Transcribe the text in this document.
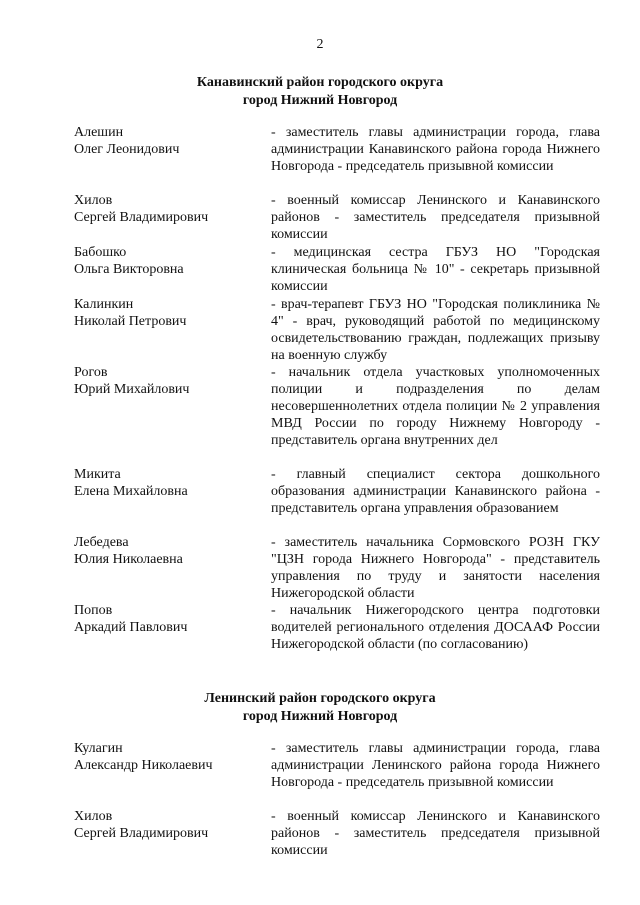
2
Канавинский район городского округа
город Нижний Новгород
Алешин
Олег Леонидович
- заместитель главы администрации города, глава администрации Канавинского района города Нижнего Новгорода - председатель призывной комиссии
Хилов
Сергей Владимирович
- военный комиссар Ленинского и Канавинского районов - заместитель председателя призывной комиссии
Бабошко
Ольга Викторовна
- медицинская сестра ГБУЗ НО "Городская клиническая больница № 10" - секретарь призывной комиссии
Калинкин
Николай Петрович
- врач-терапевт ГБУЗ НО "Городская поликлиника № 4" - врач, руководящий работой по медицинскому освидетельствованию граждан, подлежащих призыву на военную службу
Рогов
Юрий Михайлович
- начальник отдела участковых уполномоченных полиции и подразделения по делам несовершеннолетних отдела полиции № 2 управления МВД России по городу Нижнему Новгороду - представитель органа внутренних дел
Микита
Елена Михайловна
- главный специалист сектора дошкольного образования администрации Канавинского района - представитель органа управления образованием
Лебедева
Юлия Николаевна
- заместитель начальника Сормовского РОЗН ГКУ "ЦЗН города Нижнего Новгорода" - представитель управления по труду и занятости населения Нижегородской области
Попов
Аркадий Павлович
- начальник Нижегородского центра подготовки водителей регионального отделения ДОСААФ России Нижегородской области (по согласованию)
Ленинский район городского округа
город Нижний Новгород
Кулагин
Александр Николаевич
- заместитель главы администрации города, глава администрации Ленинского района города Нижнего Новгорода - председатель призывной комиссии
Хилов
Сергей Владимирович
- военный комиссар Ленинского и Канавинского районов - заместитель председателя призывной комиссии
